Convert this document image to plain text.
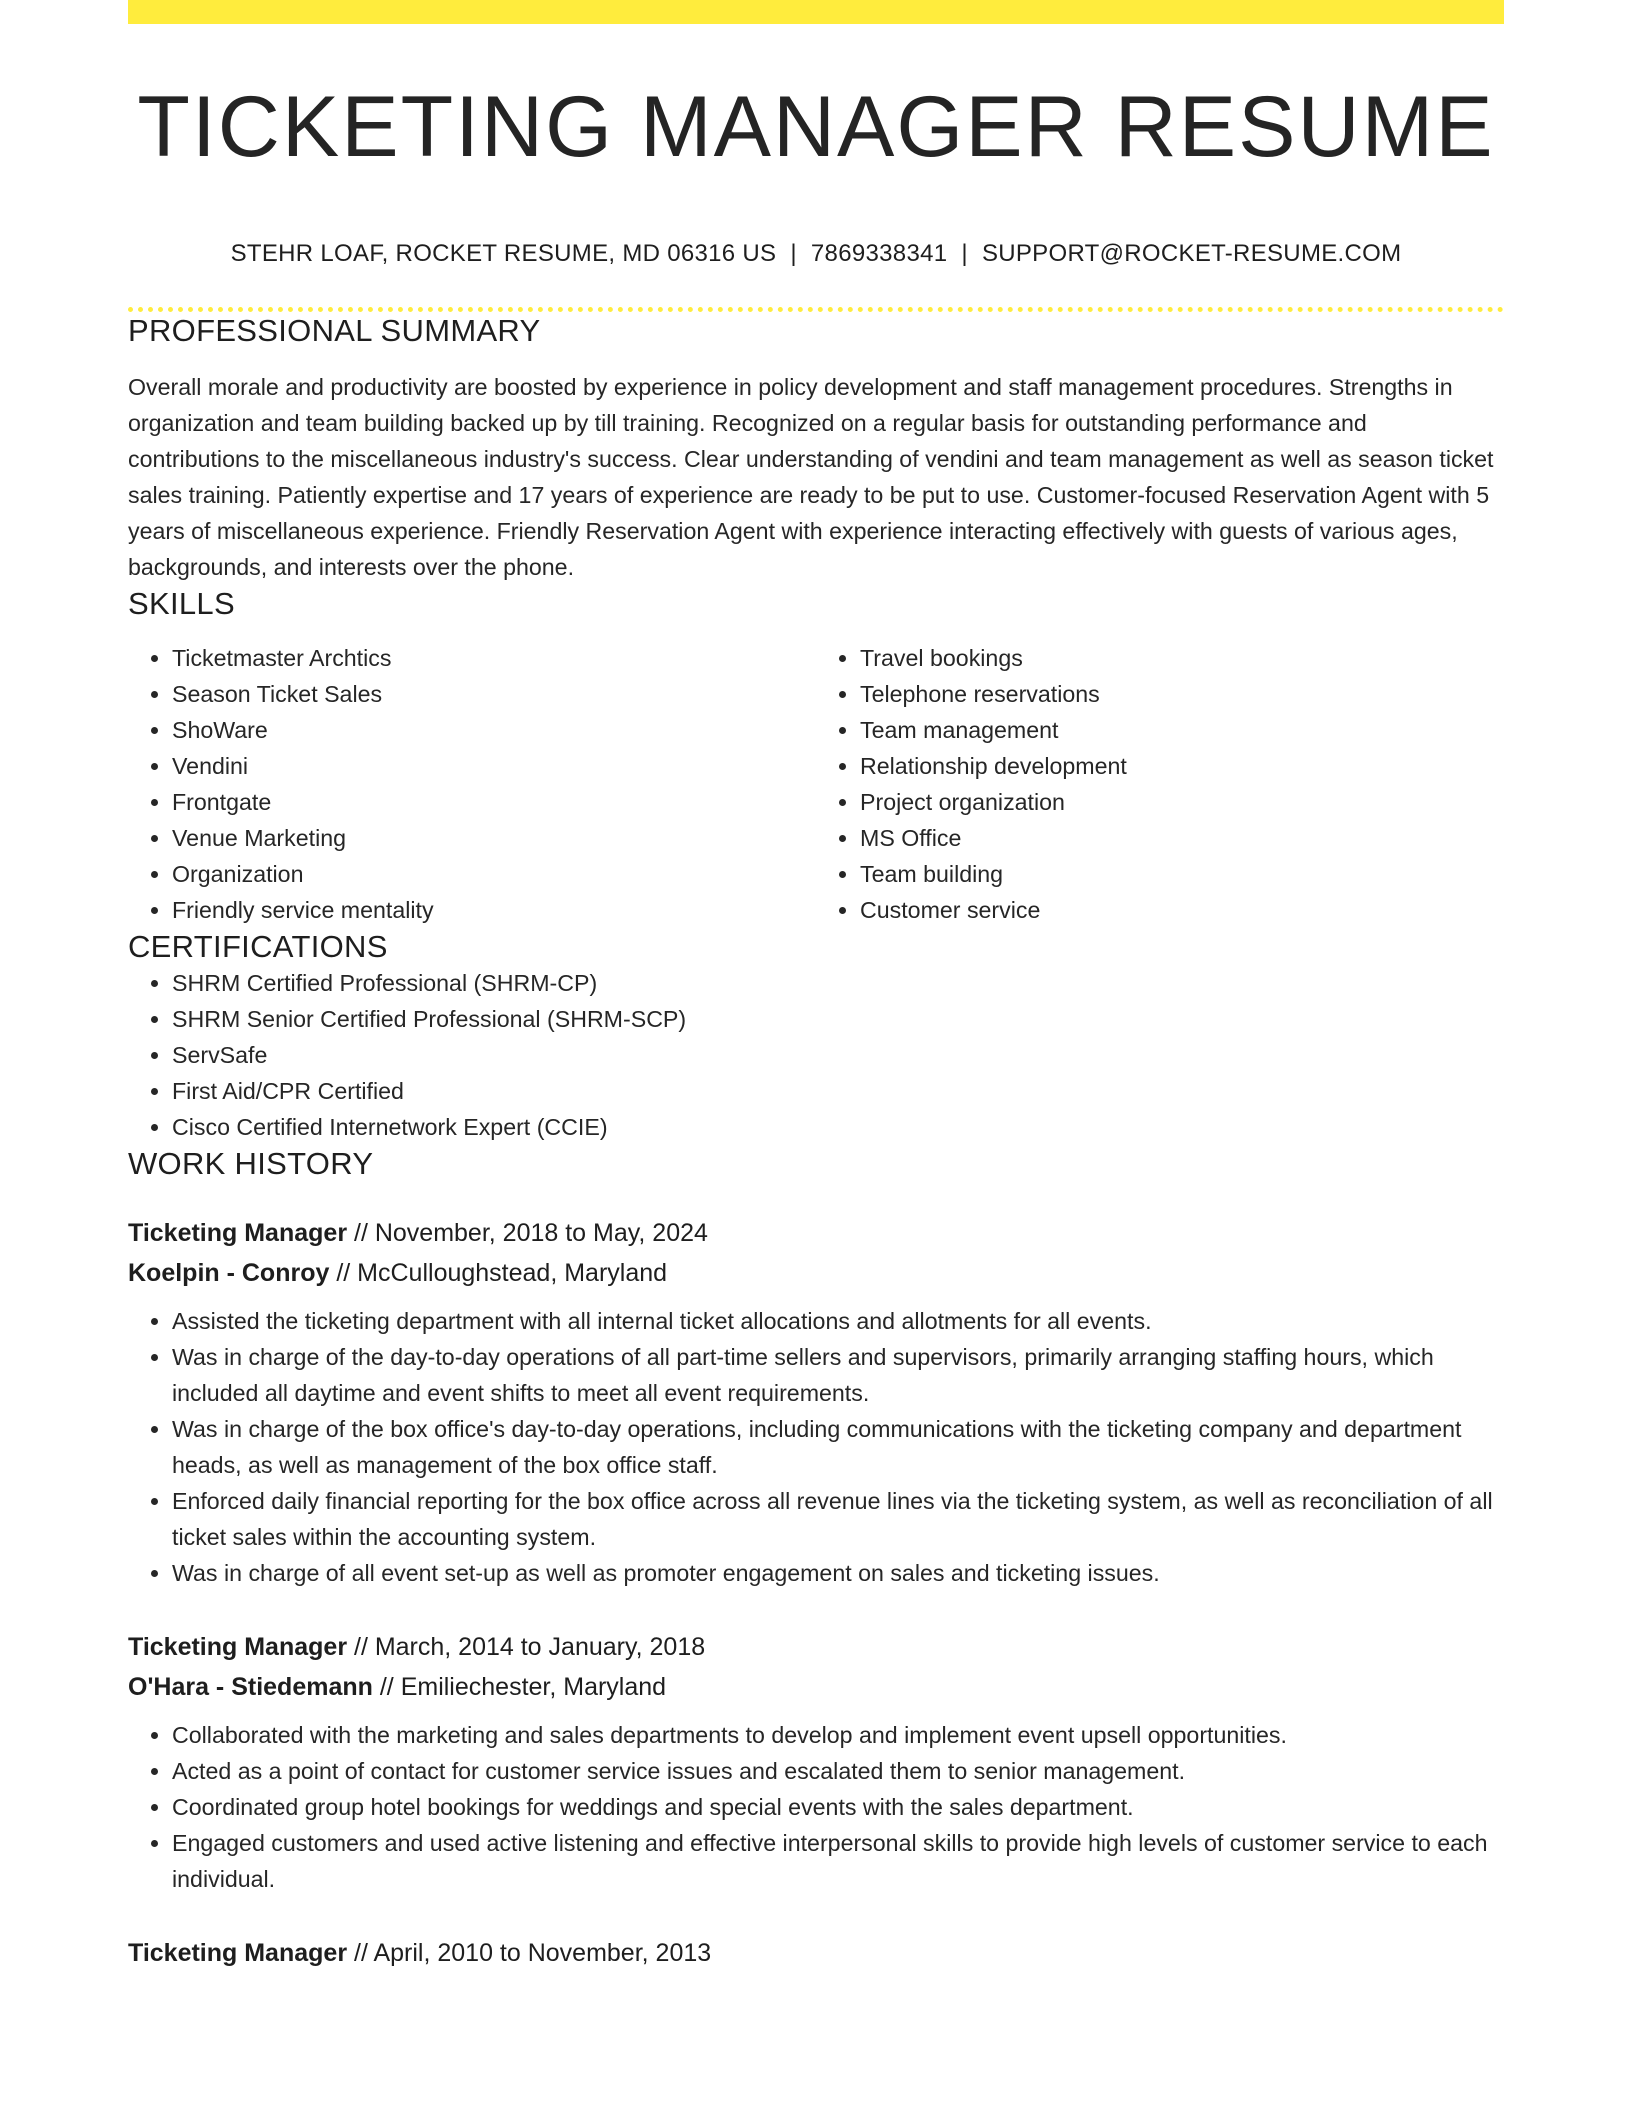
TICKETING MANAGER RESUME
STEHR LOAF, ROCKET RESUME, MD 06316 US | 7869338341 | SUPPORT@ROCKET-RESUME.COM
PROFESSIONAL SUMMARY

Overall morale and productivity are boosted by experience in policy development and staff management procedures. Strengths in organization and team building backed up by till training. Recognized on a regular basis for outstanding performance and contributions to the miscellaneous industry's success. Clear understanding of vendini and team management as well as season ticket sales training. Patiently expertise and 17 years of experience are ready to be put to use. Customer-focused Reservation Agent with 5 years of miscellaneous experience. Friendly Reservation Agent with experience interacting effectively with guests of various ages, backgrounds, and interests over the phone.

SKILLS
• Ticketmaster Archtics
• Season Ticket Sales
• ShoWare
• Vendini
• Frontgate
• Venue Marketing
• Organization
• Friendly service mentality
• Travel bookings
• Telephone reservations
• Team management
• Relationship development
• Project organization
• MS Office
• Team building
• Customer service
CERTIFICATIONS
• SHRM Certified Professional (SHRM-CP)
• SHRM Senior Certified Professional (SHRM-SCP)
• ServSafe
• First Aid/CPR Certified
• Cisco Certified Internetwork Expert (CCIE)
WORK HISTORY
Ticketing Manager // November, 2018 to May, 2024
Koelpin - Conroy // McCulloughstead, Maryland
• Assisted the ticketing department with all internal ticket allocations and allotments for all events.
• Was in charge of the day-to-day operations of all part-time sellers and supervisors, primarily arranging staffing hours, which included all daytime and event shifts to meet all event requirements.
• Was in charge of the box office's day-to-day operations, including communications with the ticketing company and department heads, as well as management of the box office staff.
• Enforced daily financial reporting for the box office across all revenue lines via the ticketing system, as well as reconciliation of all ticket sales within the accounting system.
• Was in charge of all event set-up as well as promoter engagement on sales and ticketing issues.
Ticketing Manager // March, 2014 to January, 2018
O'Hara - Stiedemann // Emiliechester, Maryland
• Collaborated with the marketing and sales departments to develop and implement event upsell opportunities.
• Acted as a point of contact for customer service issues and escalated them to senior management.
• Coordinated group hotel bookings for weddings and special events with the sales department.
• Engaged customers and used active listening and effective interpersonal skills to provide high levels of customer service to each individual.
Ticketing Manager // April, 2010 to November, 2013
